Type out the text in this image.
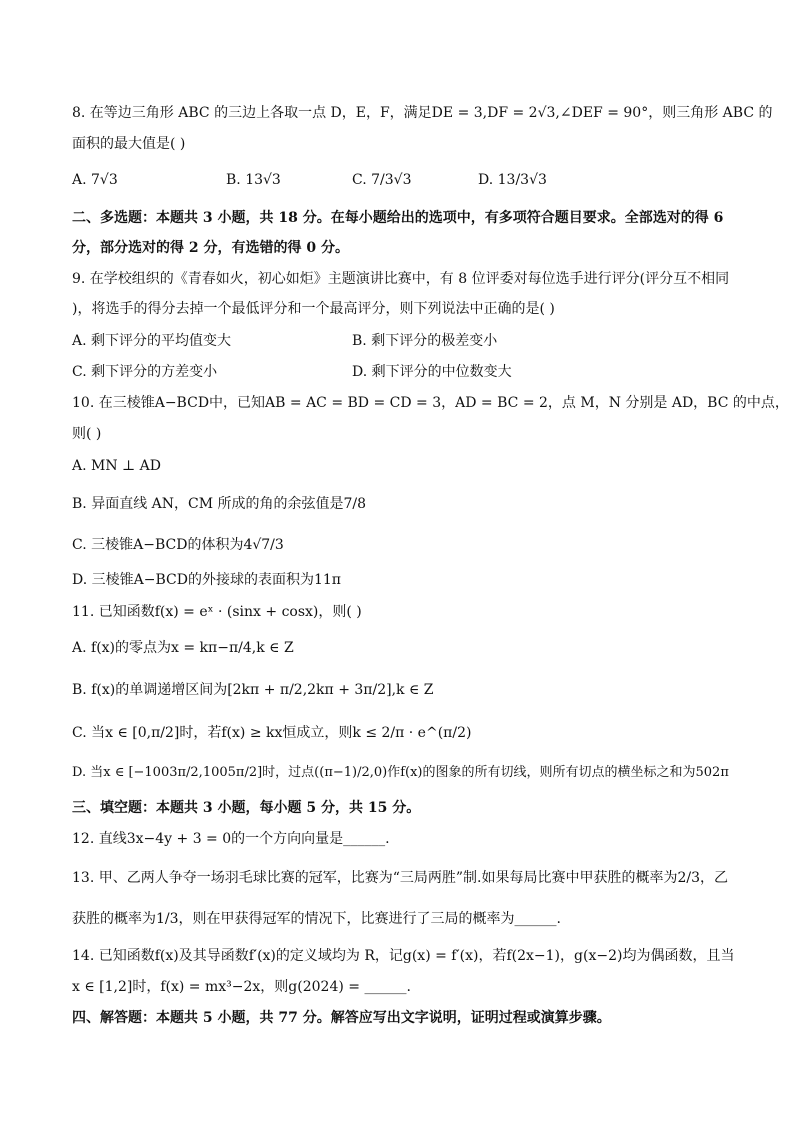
8. 在等边三角形 ABC 的三边上各取一点 D，E，F，满足DE = 3,DF = 2√3,∠DEF = 90°，则三角形 ABC 的
面积的最大值是( )
A. 7√3	B. 13√3	C. 7/3√3	D. 13/3√3
二、多选题：本题共 3 小题，共 18 分。在每小题给出的选项中，有多项符合题目要求。全部选对的得 6
分，部分选对的得 2 分，有选错的得 0 分。
9. 在学校组织的《青春如火，初心如炬》主题演讲比赛中，有 8 位评委对每位选手进行评分(评分互不相同
)，将选手的得分去掉一个最低评分和一个最高评分，则下列说法中正确的是( )
A. 剩下评分的平均值变大	B. 剩下评分的极差变小
C. 剩下评分的方差变小	D. 剩下评分的中位数变大
10. 在三棱锥A−BCD中，已知AB = AC = BD = CD = 3，AD = BC = 2，点 M，N 分别是 AD，BC 的中点，
则( )
A. MN ⊥ AD
B. 异面直线 AN，CM 所成的角的余弦值是7/8
C. 三棱锥A−BCD的体积为4√7/3
D. 三棱锥A−BCD的外接球的表面积为11π
11. 已知函数f(x) = eˣ · (sinx + cosx)，则( )
A. f(x)的零点为x = kπ−π/4,k ∈ Z
B. f(x)的单调递增区间为[2kπ + π/2,2kπ + 3π/2],k ∈ Z
C. 当x ∈ [0,π/2]时，若f(x) ≥ kx恒成立，则k ≤ 2/π · e^(π/2)
D. 当x ∈ [−1003π/2,1005π/2]时，过点((π−1)/2,0)作f(x)的图象的所有切线，则所有切点的横坐标之和为502π
三、填空题：本题共 3 小题，每小题 5 分，共 15 分。
12. 直线3x−4y + 3 = 0的一个方向向量是______.
13. 甲、乙两人争夺一场羽毛球比赛的冠军，比赛为“三局两胜”制.如果每局比赛中甲获胜的概率为2/3，乙
获胜的概率为1/3，则在甲获得冠军的情况下，比赛进行了三局的概率为______.
14. 已知函数f(x)及其导函数f′(x)的定义域均为 R，记g(x) = f′(x)，若f(2x−1)，g(x−2)均为偶函数，且当
x ∈ [1,2]时，f(x) = mx³−2x，则g(2024) = ______.
四、解答题：本题共 5 小题，共 77 分。解答应写出文字说明，证明过程或演算步骤。
